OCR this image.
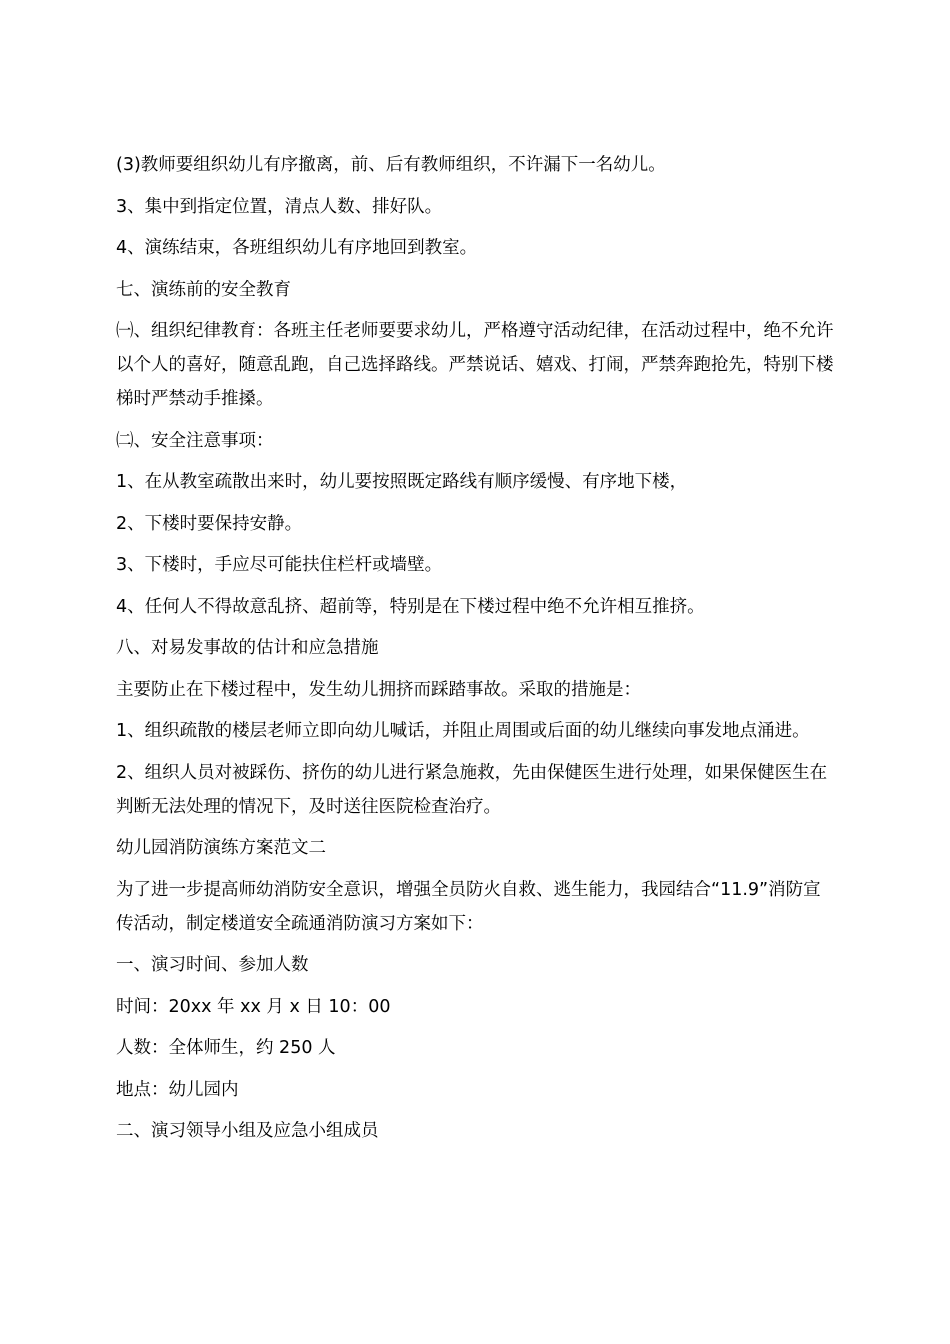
(3)教师要组织幼儿有序撤离，前、后有教师组织，不许漏下一名幼儿。

3、集中到指定位置，清点人数、排好队。

4、演练结束，各班组织幼儿有序地回到教室。

七、演练前的安全教育

㈠、组织纪律教育：各班主任老师要要求幼儿，严格遵守活动纪律，在活动过程中，绝不允许以个人的喜好，随意乱跑，自己选择路线。严禁说话、嬉戏、打闹，严禁奔跑抢先，特别下楼梯时严禁动手推搡。

㈡、安全注意事项：

1、在从教室疏散出来时，幼儿要按照既定路线有顺序缓慢、有序地下楼，

2、下楼时要保持安静。

3、下楼时，手应尽可能扶住栏杆或墙壁。

4、任何人不得故意乱挤、超前等，特别是在下楼过程中绝不允许相互推挤。

八、对易发事故的估计和应急措施

主要防止在下楼过程中，发生幼儿拥挤而踩踏事故。采取的措施是：

1、组织疏散的楼层老师立即向幼儿喊话，并阻止周围或后面的幼儿继续向事发地点涌进。

2、组织人员对被踩伤、挤伤的幼儿进行紧急施救，先由保健医生进行处理，如果保健医生在判断无法处理的情况下，及时送往医院检查治疗。

幼儿园消防演练方案范文二

为了进一步提高师幼消防安全意识，增强全员防火自救、逃生能力，我园结合“11.9”消防宣传活动，制定楼道安全疏通消防演习方案如下：

一、演习时间、参加人数

时间：20xx 年 xx 月 x 日 10：00

人数：全体师生，约 250 人

地点：幼儿园内

二、演习领导小组及应急小组成员
